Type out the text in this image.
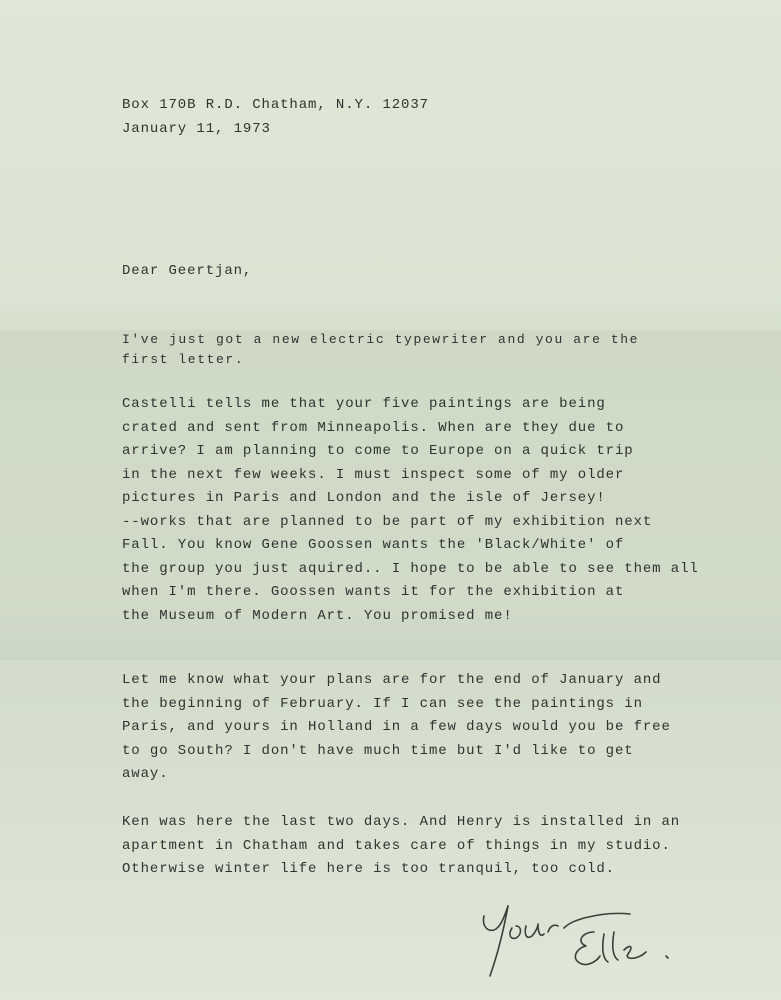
Box 170B R.D. Chatham, N.Y. 12037
January 11, 1973
Dear Geertjan,
I've just got a new electric typewriter and you are the
first letter.
Castelli tells me that your five paintings are being
crated and sent from Minneapolis. When are they due to
arrive? I am planning to come to Europe on a quick trip
in the next few weeks. I must inspect some of my older
pictures in Paris and London and the isle of Jersey!
--works that are planned to be part of my exhibition next
Fall. You know Gene Goossen wants the 'Black/White' of
the group you just aquired.. I hope to be able to see them all
when I'm there. Goossen wants it for the exhibition at
the Museum of Modern Art. You promised me!
Let me know what your plans are for the end of January and
the beginning of February. If I can see the paintings in
Paris, and yours in Holland in a few days would you be free
to go South? I don't have much time but I'd like to get
away.
Ken was here the last two days. And Henry is installed in an
apartment in Chatham and takes care of things in my studio.
Otherwise winter life here is too tranquil, too cold.
